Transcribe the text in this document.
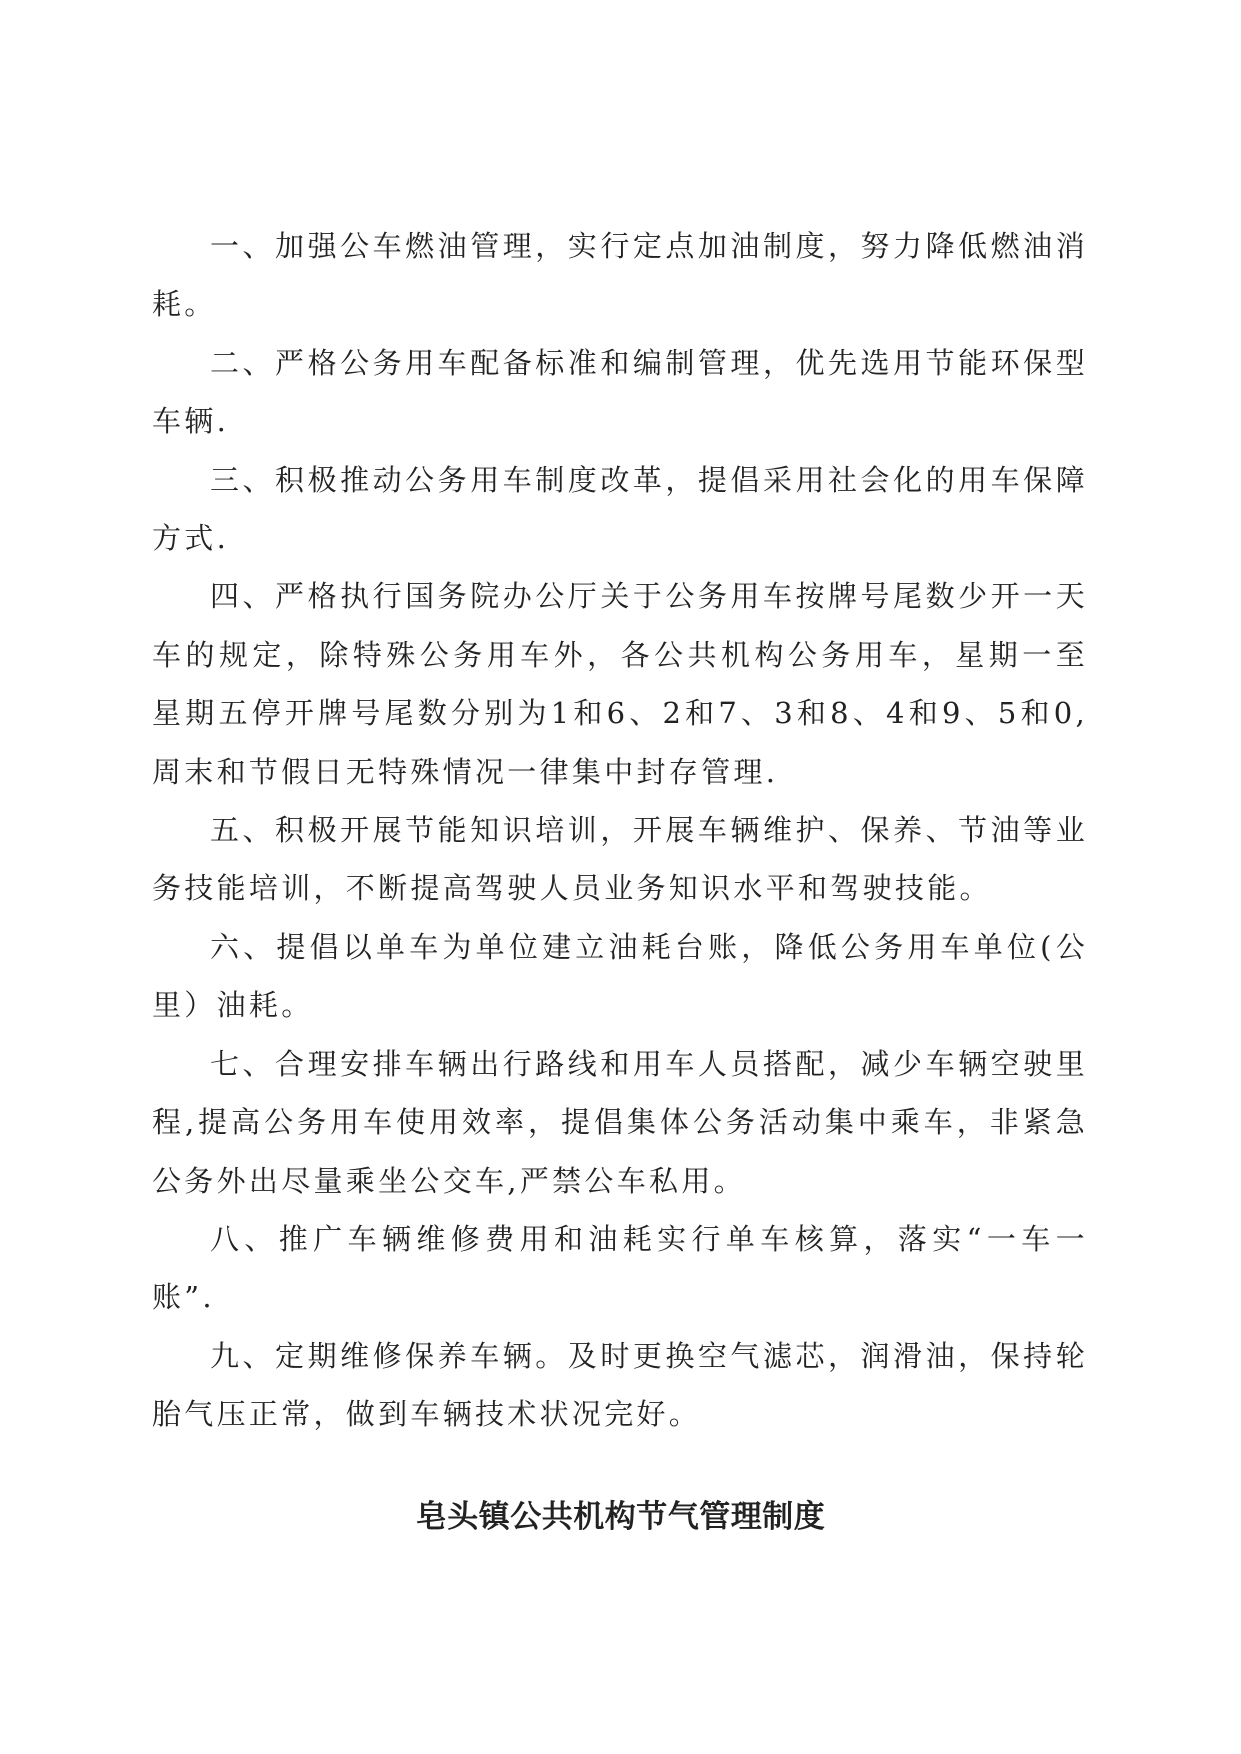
一、加强公车燃油管理，实行定点加油制度，努力降低燃油消耗。

二、严格公务用车配备标准和编制管理，优先选用节能环保型车辆.

三、积极推动公务用车制度改革，提倡采用社会化的用车保障方式.

四、严格执行国务院办公厅关于公务用车按牌号尾数少开一天车的规定，除特殊公务用车外，各公共机构公务用车，星期一至星期五停开牌号尾数分别为1和6、2和7、3和8、4和9、5和0,周末和节假日无特殊情况一律集中封存管理.

五、积极开展节能知识培训，开展车辆维护、保养、节油等业务技能培训，不断提高驾驶人员业务知识水平和驾驶技能。

六、提倡以单车为单位建立油耗台账，降低公务用车单位(公里）油耗。

七、合理安排车辆出行路线和用车人员搭配，减少车辆空驶里程,提高公务用车使用效率，提倡集体公务活动集中乘车，非紧急公务外出尽量乘坐公交车,严禁公车私用。

八、推广车辆维修费用和油耗实行单车核算，落实“一车一账”.

九、定期维修保养车辆。及时更换空气滤芯，润滑油，保持轮胎气压正常，做到车辆技术状况完好。

皂头镇公共机构节气管理制度
